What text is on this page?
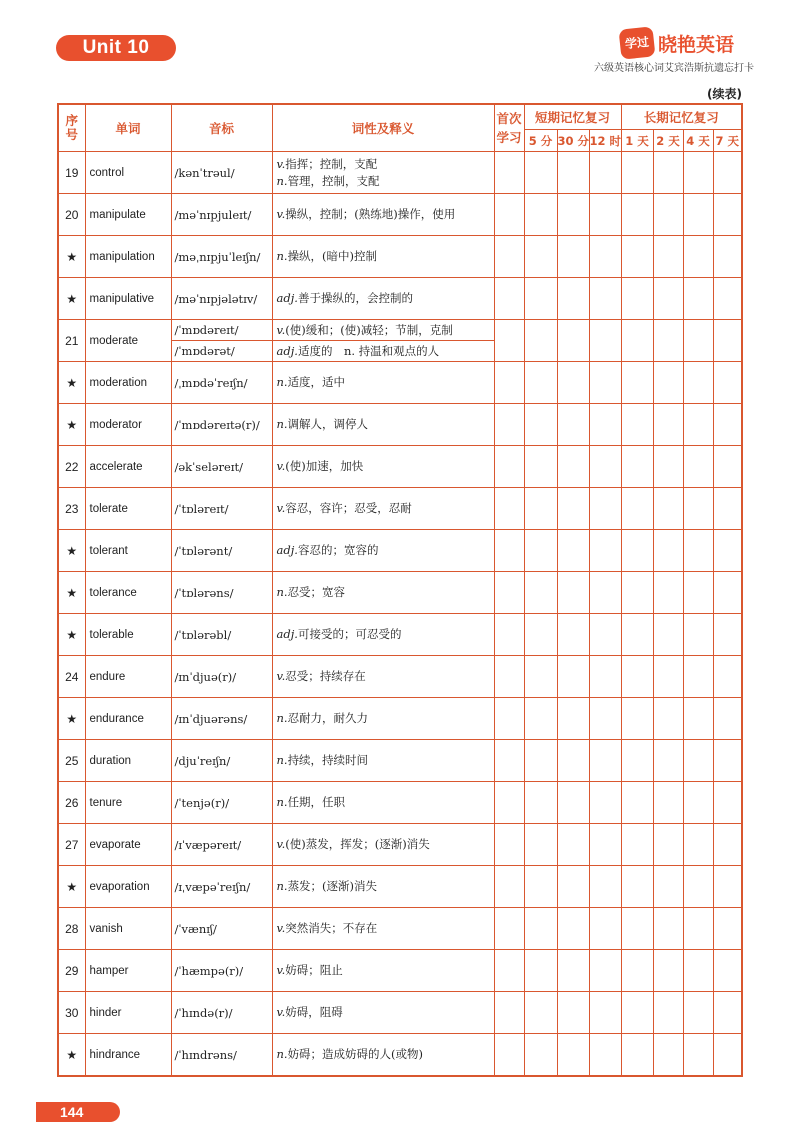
Unit 10	学过 晓艳英语
六级英语核心词艾宾浩斯抗遗忘打卡
(续表)
序号	单词	音标	词性及释义	首次学习	短期记忆复习			长期记忆复习			
					5 分	30 分	12 时	1 天	2 天	4 天	7 天
19	control	/kənˈtrəul/	v.指挥；控制，支配
n.管理，控制，支配								

20	manipulate	/məˈnɪpjuleɪt/	v.操纵，控制；(熟练地)操作，使用								

★	manipulation	/məˌnɪpjuˈleɪʃn/	n.操纵，(暗中)控制								

★	manipulative	/məˈnɪpjələtɪv/	adj.善于操纵的，会控制的								

21	moderate	/ˈmɒdəreɪt/	v.(使)缓和；(使)减轻；节制，克制								
		/ˈmɒdərət/	adj.适度的　n. 持温和观点的人								
★	moderation	/ˌmɒdəˈreɪʃn/	n.适度，适中								

★	moderator	/ˈmɒdəreɪtə(r)/	n.调解人，调停人								

22	accelerate	/əkˈseləreɪt/	v.(使)加速，加快								

23	tolerate	/ˈtɒləreɪt/	v.容忍，容许；忍受，忍耐								

★	tolerant	/ˈtɒlərənt/	adj.容忍的；宽容的								

★	tolerance	/ˈtɒlərəns/	n.忍受；宽容								

★	tolerable	/ˈtɒlərəbl/	adj.可接受的；可忍受的								

24	endure	/ɪnˈdjuə(r)/	v.忍受；持续存在								

★	endurance	/ɪnˈdjuərəns/	n.忍耐力，耐久力								

25	duration	/djuˈreɪʃn/	n.持续，持续时间								

26	tenure	/ˈtenjə(r)/	n.任期，任职								

27	evaporate	/ɪˈvæpəreɪt/	v.(使)蒸发，挥发；(逐渐)消失								

★	evaporation	/ɪˌvæpəˈreɪʃn/	n.蒸发；(逐渐)消失								

28	vanish	/ˈvænɪʃ/	v.突然消失；不存在								

29	hamper	/ˈhæmpə(r)/	v.妨碍；阻止								

30	hinder	/ˈhɪndə(r)/	v.妨碍，阻碍								

★	hindrance	/ˈhɪndrəns/	n.妨碍；造成妨碍的人(或物)								

144
